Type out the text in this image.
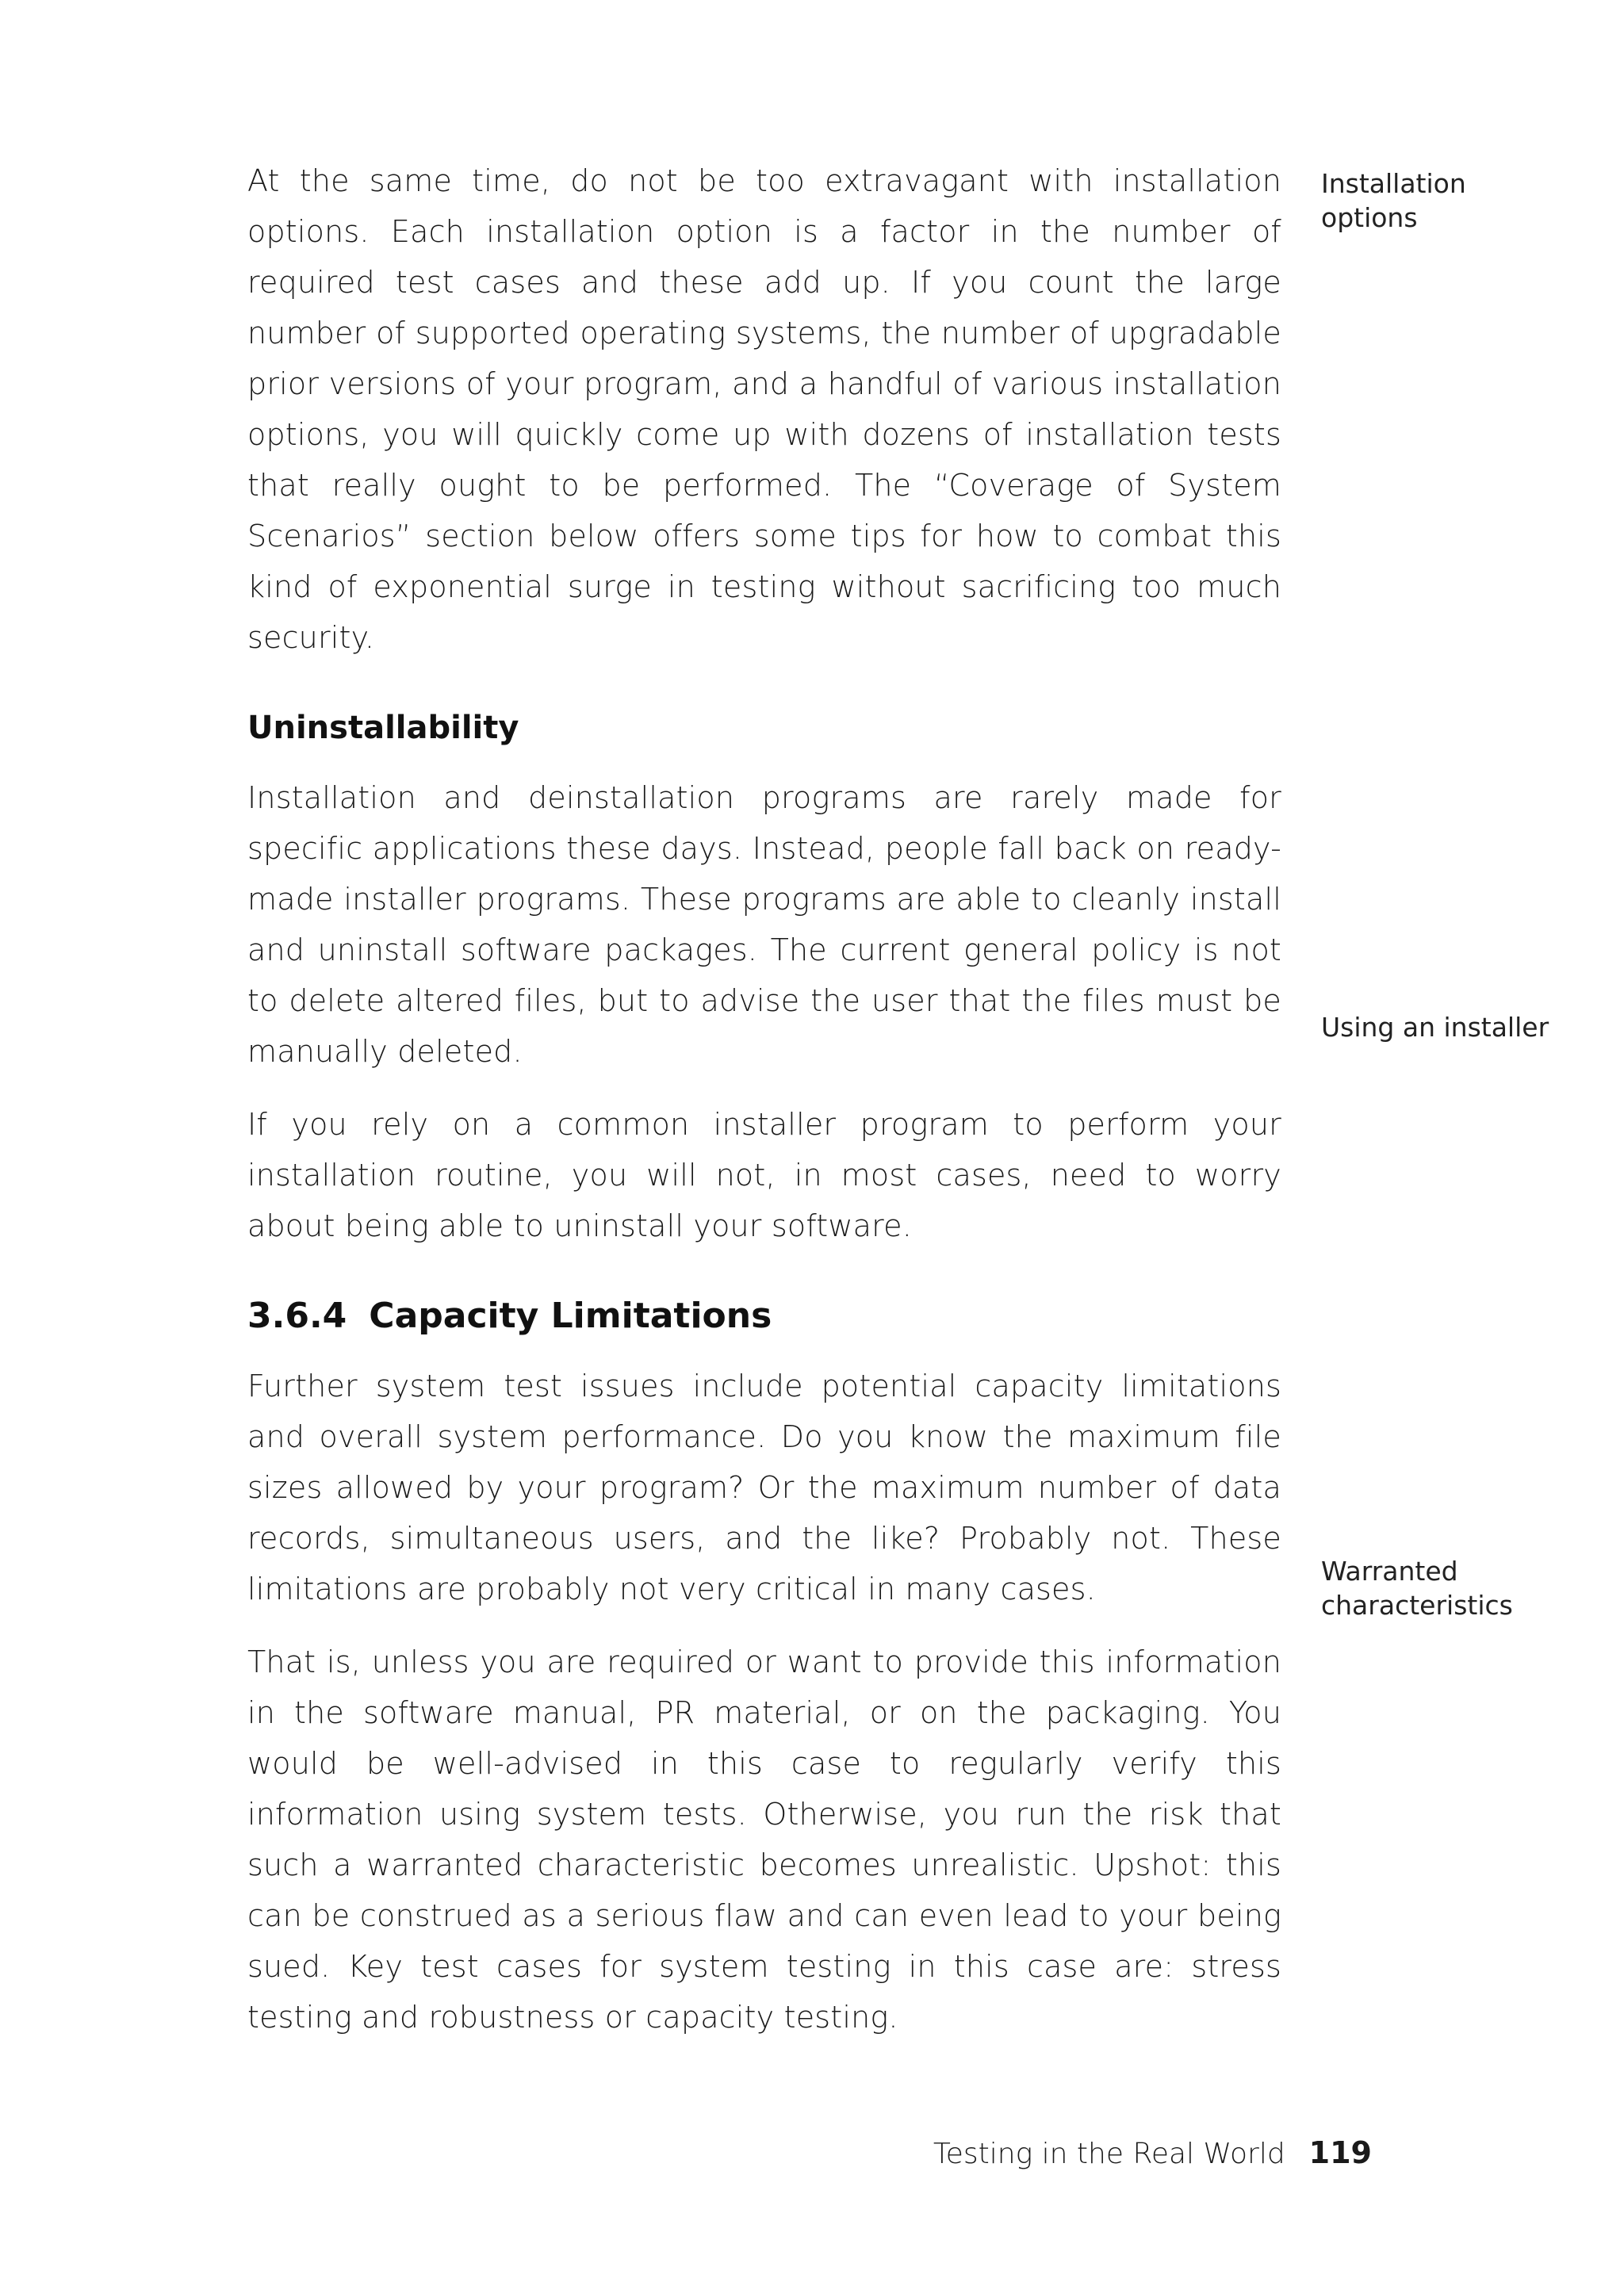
At the same time, do not be too extravagant with installation options. Each installation option is a factor in the number of required test cases and these add up. If you count the large number of supported operating systems, the number of upgradable prior versions of your program, and a handful of various installation options, you will quickly come up with dozens of installation tests that really ought to be performed. The “Coverage of System Scenarios” section below offers some tips for how to combat this kind of exponential surge in testing without sacrificing too much security.

Uninstallability

Installation and deinstallation programs are rarely made for specific applications these days. Instead, people fall back on ready-made installer programs. These programs are able to cleanly install and uninstall software packages. The current general policy is not to delete altered files, but to advise the user that the files must be manually deleted.

If you rely on a common installer program to perform your installation routine, you will not, in most cases, need to worry about being able to uninstall your software.

3.6.4 Capacity Limitations

Further system test issues include potential capacity limitations and overall system performance. Do you know the maximum file sizes allowed by your program? Or the maximum number of data records, simultaneous users, and the like? Probably not. These limitations are probably not very critical in many cases.

That is, unless you are required or want to provide this information in the software manual, PR material, or on the packaging. You would be well-advised in this case to regularly verify this information using system tests. Otherwise, you run the risk that such a warranted characteristic becomes unrealistic. Upshot: this can be construed as a serious flaw and can even lead to your being sued. Key test cases for system testing in this case are: stress testing and robustness or capacity testing.

Installation
options
Using an installer
Warranted
characteristics
Testing in the Real World 119
